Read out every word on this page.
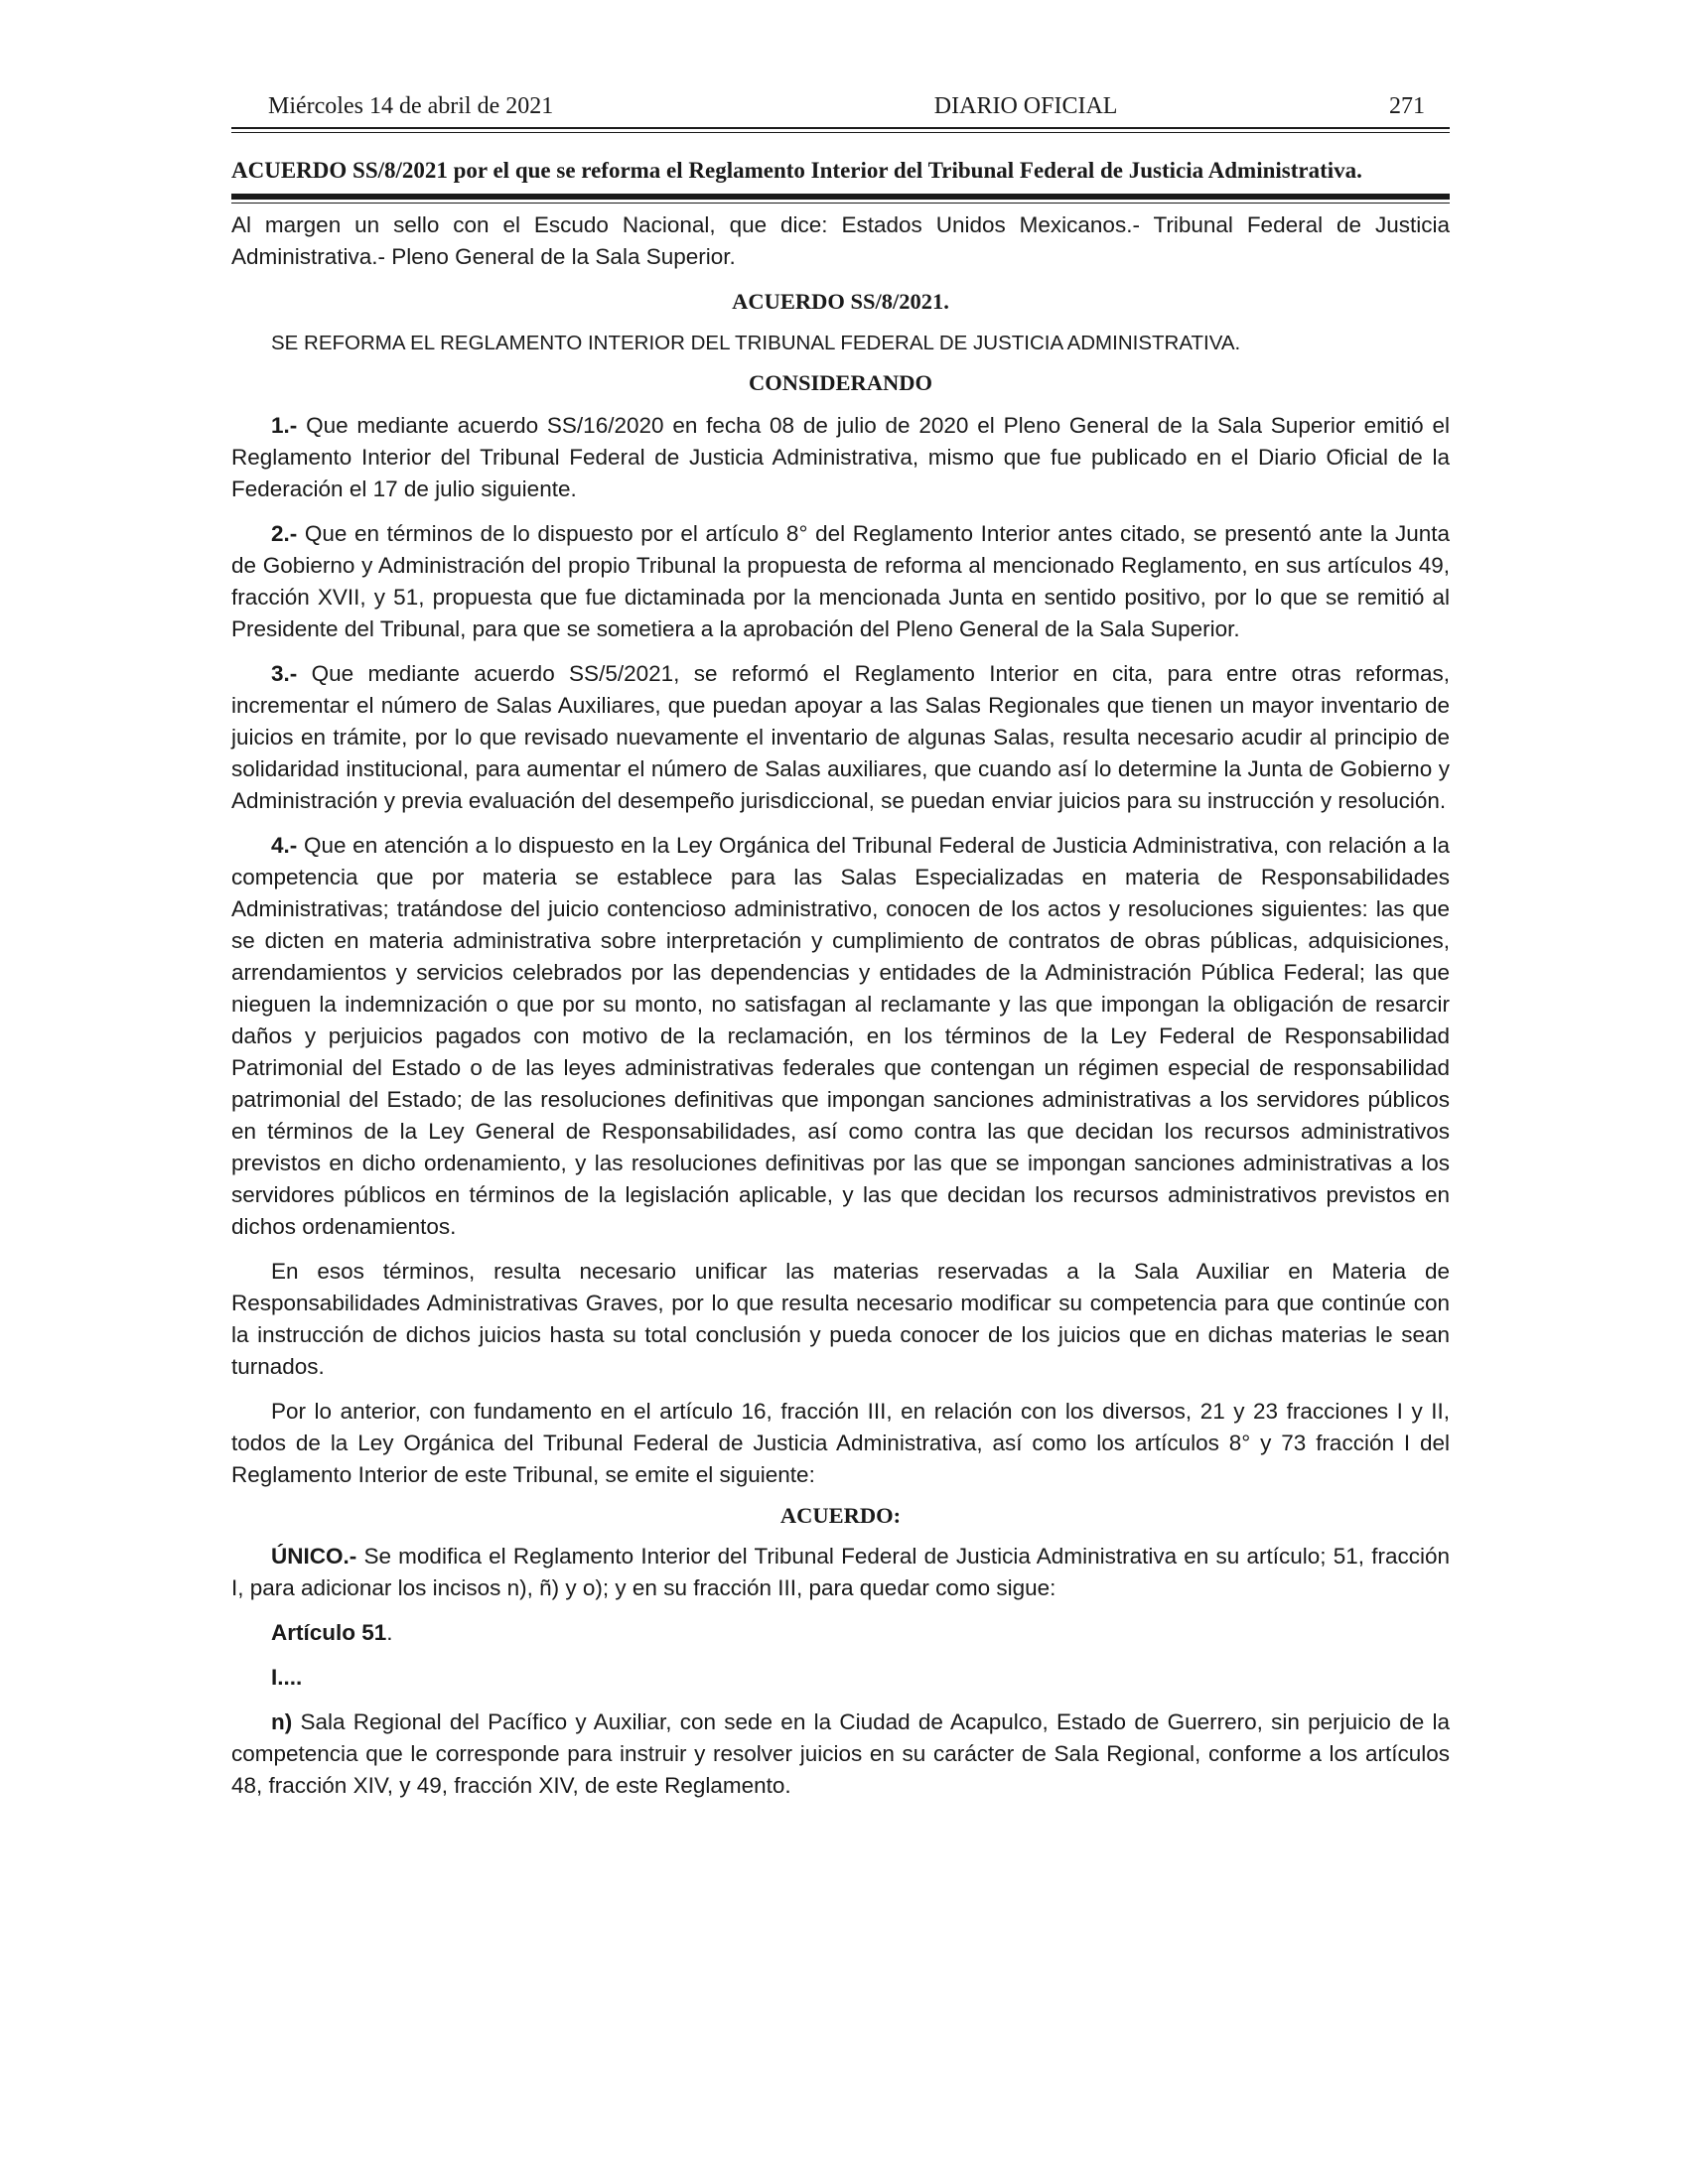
Miércoles 14 de abril de 2021	DIARIO OFICIAL	271
ACUERDO SS/8/2021 por el que se reforma el Reglamento Interior del Tribunal Federal de Justicia Administrativa.

Al margen un sello con el Escudo Nacional, que dice: Estados Unidos Mexicanos.- Tribunal Federal de Justicia Administrativa.- Pleno General de la Sala Superior.

ACUERDO SS/8/2021.
SE REFORMA EL REGLAMENTO INTERIOR DEL TRIBUNAL FEDERAL DE JUSTICIA ADMINISTRATIVA.
CONSIDERANDO

1.- Que mediante acuerdo SS/16/2020 en fecha 08 de julio de 2020 el Pleno General de la Sala Superior emitió el Reglamento Interior del Tribunal Federal de Justicia Administrativa, mismo que fue publicado en el Diario Oficial de la Federación el 17 de julio siguiente.

2.- Que en términos de lo dispuesto por el artículo 8° del Reglamento Interior antes citado, se presentó ante la Junta de Gobierno y Administración del propio Tribunal la propuesta de reforma al mencionado Reglamento, en sus artículos 49, fracción XVII, y 51, propuesta que fue dictaminada por la mencionada Junta en sentido positivo, por lo que se remitió al Presidente del Tribunal, para que se sometiera a la aprobación del Pleno General de la Sala Superior.

3.- Que mediante acuerdo SS/5/2021, se reformó el Reglamento Interior en cita, para entre otras reformas, incrementar el número de Salas Auxiliares, que puedan apoyar a las Salas Regionales que tienen un mayor inventario de juicios en trámite, por lo que revisado nuevamente el inventario de algunas Salas, resulta necesario acudir al principio de solidaridad institucional, para aumentar el número de Salas auxiliares, que cuando así lo determine la Junta de Gobierno y Administración y previa evaluación del desempeño jurisdiccional, se puedan enviar juicios para su instrucción y resolución.

4.- Que en atención a lo dispuesto en la Ley Orgánica del Tribunal Federal de Justicia Administrativa, con relación a la competencia que por materia se establece para las Salas Especializadas en materia de Responsabilidades Administrativas; tratándose del juicio contencioso administrativo, conocen de los actos y resoluciones siguientes: las que se dicten en materia administrativa sobre interpretación y cumplimiento de contratos de obras públicas, adquisiciones, arrendamientos y servicios celebrados por las dependencias y entidades de la Administración Pública Federal; las que nieguen la indemnización o que por su monto, no satisfagan al reclamante y las que impongan la obligación de resarcir daños y perjuicios pagados con motivo de la reclamación, en los términos de la Ley Federal de Responsabilidad Patrimonial del Estado o de las leyes administrativas federales que contengan un régimen especial de responsabilidad patrimonial del Estado; de las resoluciones definitivas que impongan sanciones administrativas a los servidores públicos en términos de la Ley General de Responsabilidades, así como contra las que decidan los recursos administrativos previstos en dicho ordenamiento, y las resoluciones definitivas por las que se impongan sanciones administrativas a los servidores públicos en términos de la legislación aplicable, y las que decidan los recursos administrativos previstos en dichos ordenamientos.

En esos términos, resulta necesario unificar las materias reservadas a la Sala Auxiliar en Materia de Responsabilidades Administrativas Graves, por lo que resulta necesario modificar su competencia para que continúe con la instrucción de dichos juicios hasta su total conclusión y pueda conocer de los juicios que en dichas materias le sean turnados.

Por lo anterior, con fundamento en el artículo 16, fracción III, en relación con los diversos, 21 y 23 fracciones I y II, todos de la Ley Orgánica del Tribunal Federal de Justicia Administrativa, así como los artículos 8° y 73 fracción I del Reglamento Interior de este Tribunal, se emite el siguiente:

ACUERDO:

ÚNICO.- Se modifica el Reglamento Interior del Tribunal Federal de Justicia Administrativa en su artículo; 51, fracción I, para adicionar los incisos n), ñ) y o); y en su fracción III, para quedar como sigue:

Artículo 51.

I....

n) Sala Regional del Pacífico y Auxiliar, con sede en la Ciudad de Acapulco, Estado de Guerrero, sin perjuicio de la competencia que le corresponde para instruir y resolver juicios en su carácter de Sala Regional, conforme a los artículos 48, fracción XIV, y 49, fracción XIV, de este Reglamento.
